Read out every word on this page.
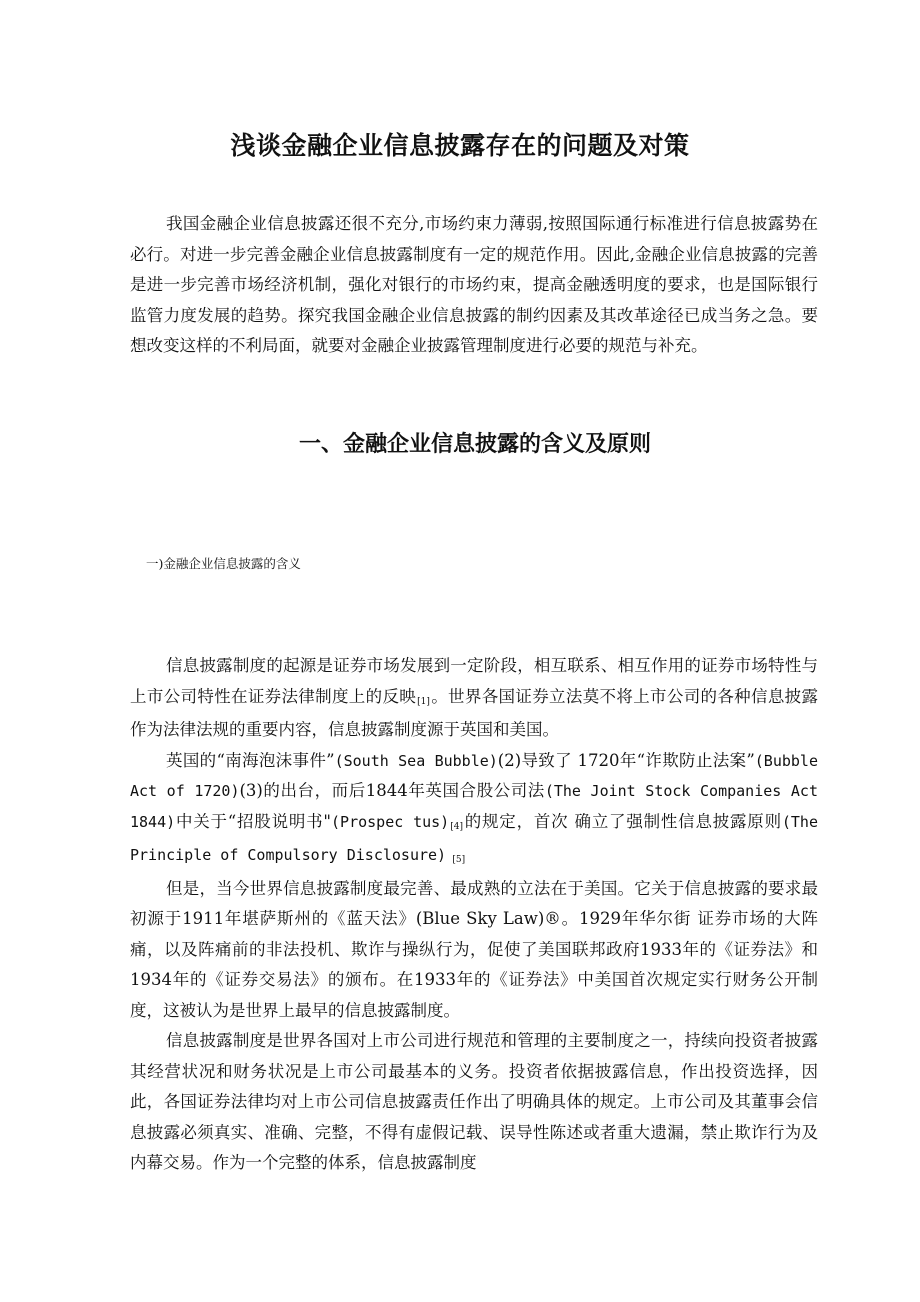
浅谈金融企业信息披露存在的问题及对策

我国金融企业信息披露还很不充分,市场约束力薄弱,按照国际通行标准进行信息披露势在必行。对进一步完善金融企业信息披露制度有一定的规范作用。因此,金融企业信息披露的完善是进一步完善市场经济机制，强化对银行的市场约束，提高金融透明度的要求，也是国际银行监管力度发展的趋势。探究我国金融企业信息披露的制约因素及其改革途径已成当务之急。要想改变这样的不利局面，就要对金融企业披露管理制度进行必要的规范与补充。

一、金融企业信息披露的含义及原则

一)金融企业信息披露的含义

信息披露制度的起源是证券市场发展到一定阶段，相互联系、相互作用的证券市场特性与上市公司特性在证券法律制度上的反映[1]。世界各国证券立法莫不将上市公司的各种信息披露作为法律法规的重要内容，信息披露制度源于英国和美国。

英国的“南海泡沫事件”(South Sea Bubble)(2)导致了 1720年“诈欺防止法案”(Bubble Act of 1720)(3)的出台，而后1844年英国合股公司法(The Joint Stock Companies Act 1844)中关于“招股说明书"(Prospec tus)[4]的规定，首次 确立了强制性信息披露原则(The Principle of Compulsory Disclosure) [5]

但是，当今世界信息披露制度最完善、最成熟的立法在于美国。它关于信息披露的要求最初源于1911年堪萨斯州的《蓝天法》(Blue Sky Law)®。1929年华尔街 证券市场的大阵痛，以及阵痛前的非法投机、欺诈与操纵行为，促使了美国联邦政府1933年的《证券法》和1934年的《证券交易法》的颁布。在1933年的《证券法》中美国首次规定实行财务公开制度，这被认为是世界上最早的信息披露制度。

信息披露制度是世界各国对上市公司进行规范和管理的主要制度之一，持续向投资者披露其经营状况和财务状况是上市公司最基本的义务。投资者依据披露信息，作出投资选择，因此，各国证券法律均对上市公司信息披露责任作出了明确具体的规定。上市公司及其董事会信息披露必须真实、准确、完整，不得有虚假记载、误导性陈述或者重大遗漏，禁止欺诈行为及内幕交易。作为一个完整的体系，信息披露制度
